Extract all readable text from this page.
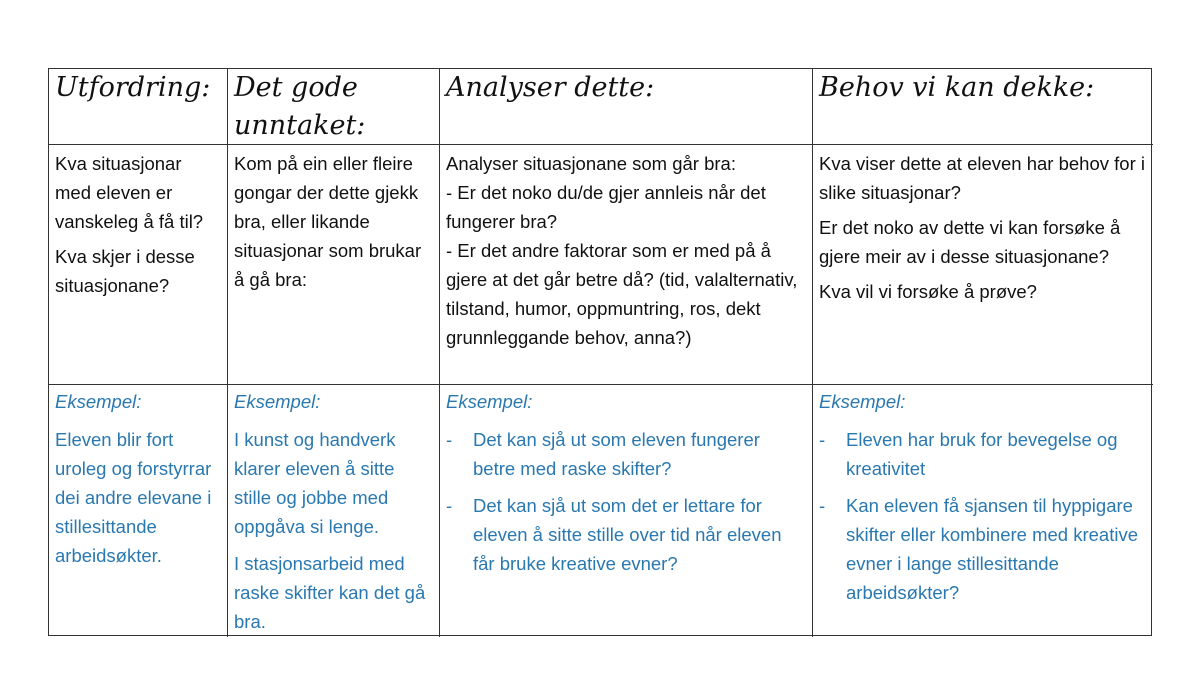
Utfordring: Det gode unntaket:
Analyser dette:	Behov vi kan dekke:

Kva situasjonar med eleven er vanskeleg å få til?

Kva skjer i desse situasjonane?

Kom på ein eller fleire gongar der dette gjekk bra, eller likande situasjonar som brukar å gå bra:

Analyser situasjonane som går bra:
- Er det noko du/de gjer annleis når det fungerer bra?
- Er det andre faktorar som er med på å gjere at det går betre då? (tid, valalternativ, tilstand, humor, oppmuntring, ros, dekt grunnleggande behov, anna?)

Kva viser dette at eleven har behov for i slike situasjonar?

Er det noko av dette vi kan forsøke å gjere meir av i desse situasjonane?

Kva vil vi forsøke å prøve?

Eksempel:

Eleven blir fort uroleg og forstyrrar dei andre elevane i stillesittande arbeidsøkter.

Eksempel:

I kunst og handverk klarer eleven å sitte stille og jobbe med oppgåva si lenge.

I stasjonsarbeid med raske skifter kan det gå bra.

Eksempel:
- Det kan sjå ut som eleven fungerer betre med raske skifter?
- Det kan sjå ut som det er lettare for eleven å sitte stille over tid når eleven får bruke kreative evner?
Eksempel:
- Eleven har bruk for bevegelse og kreativitet
- Kan eleven få sjansen til hyppigare skifter eller kombinere med kreative evner i lange stillesittande arbeidsøkter?
